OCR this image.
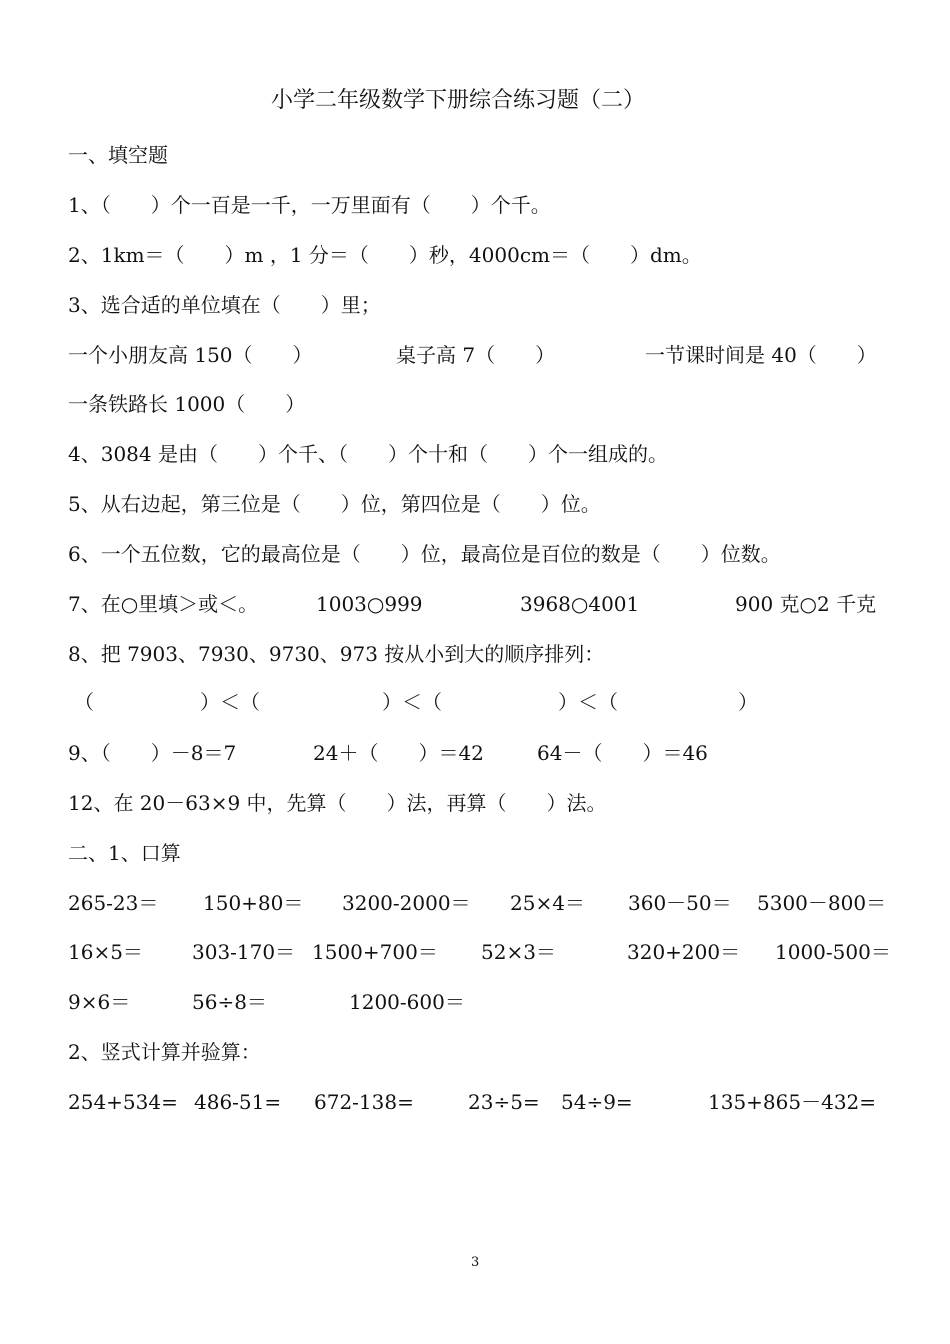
小学二年级数学下册综合练习题（二）
一、填空题
1、（　　）个一百是一千，一万里面有（　　）个千。
2、1km＝（　　）m ，1 分＝（　　）秒，4000cm＝（　　）dm。
3、选合适的单位填在（　　）里；
一个小朋友高 150（　　）	桌子高 7（　　）	一节课时间是 40（　　）
一条铁路长 1000（　　）
4、3084 是由（　　）个千、（　　）个十和（　　）个一组成的。
5、从右边起，第三位是（　　）位，第四位是（　　）位。
6、一个五位数，它的最高位是（　　）位，最高位是百位的数是（　　）位数。
7、在○里填＞或＜。	1003○999	3968○4001	900 克○2 千克
8、把 7903、7930、9730、973 按从小到大的顺序排列：
（	）＜（	）＜（	）＜（	）
9、（　　）－8＝7	24＋（　　）＝42	64－（　　）＝46
12、在 20－63×9 中，先算（　　）法，再算（　　）法。
二、1、口算
265-23＝ 150+80＝ 3200-2000＝ 25×4＝ 360－50＝ 5300－800＝
16×5＝ 303-170＝ 1500+700＝ 52×3＝	320+200＝ 1000-500＝
9×6＝	56÷8＝	1200-600＝
2、竖式计算并验算：
254+534= 486-51= 672-138=	23÷5= 54÷9=	135+865－432=
3
